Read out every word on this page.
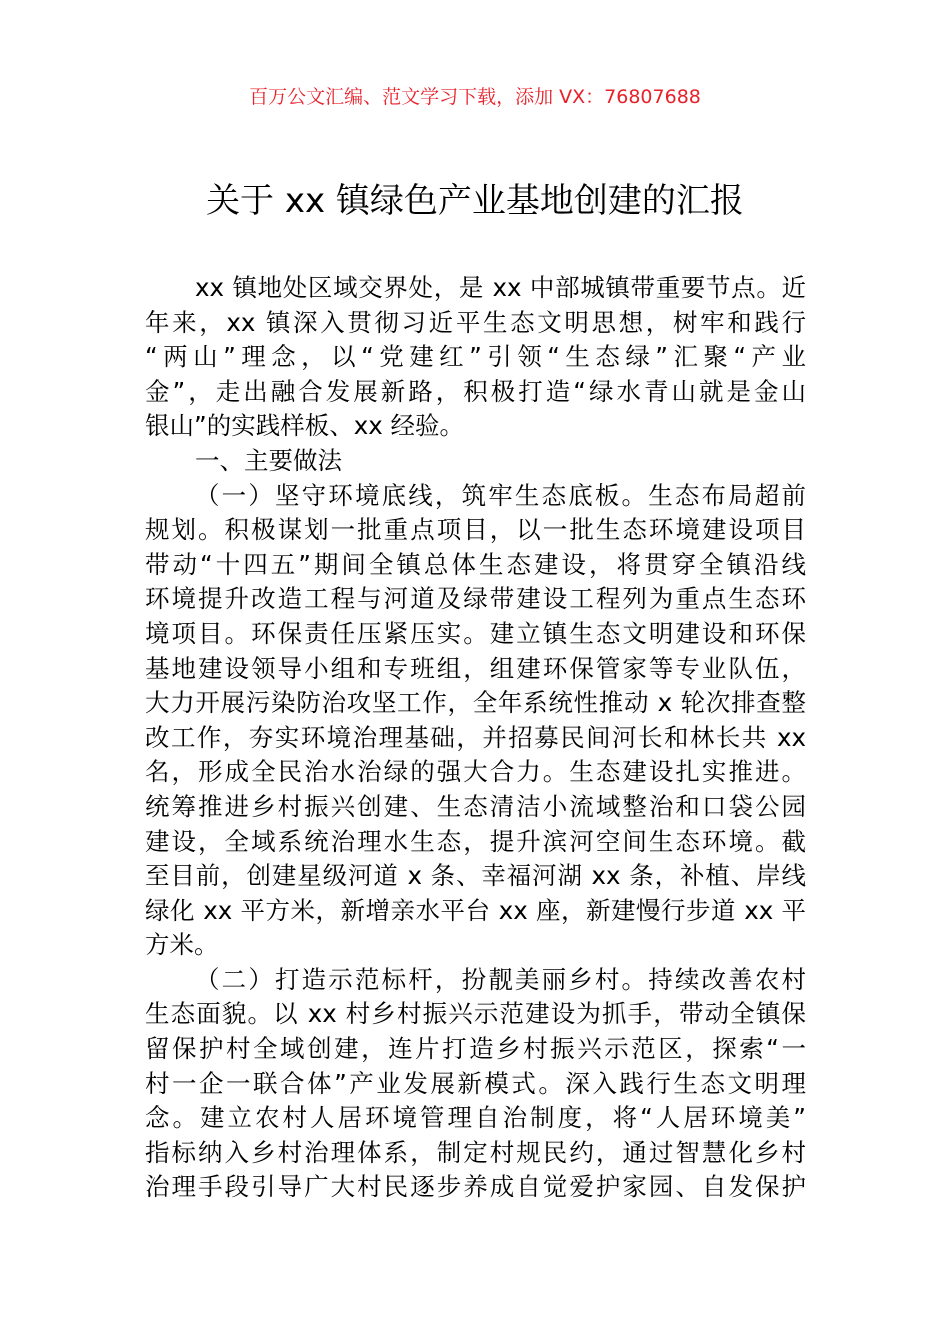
百万公文汇编、范文学习下载，添加 VX：76807688
关于 xx 镇绿色产业基地创建的汇报
xx 镇地处区域交界处，是 xx 中部城镇带重要节点。近
年来，xx 镇深入贯彻习近平生态文明思想，树牢和践行
“两山”理念，以“党建红”引领“生态绿”汇聚“产业
金”，走出融合发展新路，积极打造“绿水青山就是金山
银山”的实践样板、xx 经验。
一、主要做法
（一）坚守环境底线，筑牢生态底板。生态布局超前
规划。积极谋划一批重点项目，以一批生态环境建设项目
带动“十四五”期间全镇总体生态建设，将贯穿全镇沿线
环境提升改造工程与河道及绿带建设工程列为重点生态环
境项目。环保责任压紧压实。建立镇生态文明建设和环保
基地建设领导小组和专班组，组建环保管家等专业队伍，
大力开展污染防治攻坚工作，全年系统性推动 x 轮次排查整
改工作，夯实环境治理基础，并招募民间河长和林长共 xx
名，形成全民治水治绿的强大合力。生态建设扎实推进。
统筹推进乡村振兴创建、生态清洁小流域整治和口袋公园
建设，全域系统治理水生态，提升滨河空间生态环境。截
至目前，创建星级河道 x 条、幸福河湖 xx 条，补植、岸线
绿化 xx 平方米，新增亲水平台 xx 座，新建慢行步道 xx 平
方米。
（二）打造示范标杆，扮靓美丽乡村。持续改善农村
生态面貌。以 xx 村乡村振兴示范建设为抓手，带动全镇保
留保护村全域创建，连片打造乡村振兴示范区，探索“一
村一企一联合体”产业发展新模式。深入践行生态文明理
念。建立农村人居环境管理自治制度，将“人居环境美”
指标纳入乡村治理体系，制定村规民约，通过智慧化乡村
治理手段引导广大村民逐步养成自觉爱护家园、自发保护
